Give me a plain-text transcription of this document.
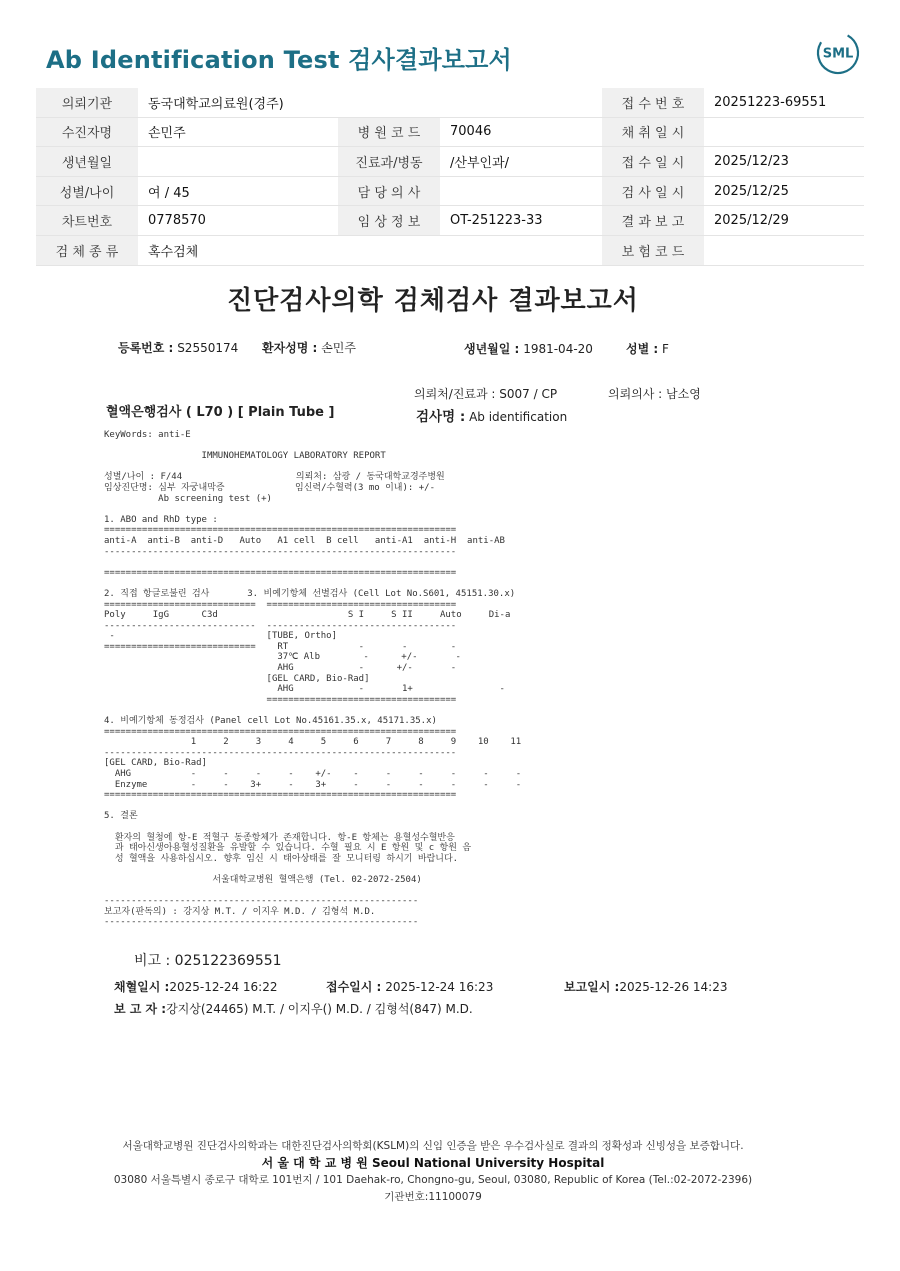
Ab Identification Test 검사결과보고서	SML
의뢰기관	동국대학교의료원(경주)			접 수 번 호	20251223-69551
수진자명	손민주	병 원 코 드	70046	채 취 일 시	
생년월일		진료과/병동	/산부인과/	접 수 일 시	2025/12/23
성별/나이	여 / 45	담 당 의 사		검 사 일 시	2025/12/25
차트번호	0778570	임 상 정 보	OT-251223-33	결 과 보 고	2025/12/29
검 체 종 류	혹수검체			보 험 코 드	
진단검사의학 검체검사 결과보고서
등록번호 : S2550174 환자성명 : 손민주	생년월일 : 1981-04-20	성별 : F
의뢰처/진료과 : S007 / CP	의뢰의사 : 남소영
혈액은행검사 ( L70 ) [ Plain Tube ]	검사명 : Ab identification
KeyWords: anti-E

IMMUNOHEMATOLOGY LABORATORY REPORT

성별/나이 : F/44                     의뢰처: 삼광 / 동국대학교경주병원
임상진단명: 심부 자궁내막증             임신력/수혈력(3 mo 이내): +/-
Ab screening test (+)

1. ABO and RhD type :
=================================================================
anti-A  anti-B  anti-D   Auto   A1 cell  B cell   anti-A1  anti-H  anti-AB
-----------------------------------------------------------------

=================================================================

2. 직접 항글로불린 검사       3. 비예기항체 선별검사 (Cell Lot No.S601, 45151.30.x)
============================  ===================================
Poly     IgG      C3d                        S I     S II     Auto     Di-a
----------------------------  -----------------------------------
-                            [TUBE, Ortho]
============================    RT             -       -        -
37℃ Alb        -      +/-       -
AHG            -      +/-       -
[GEL CARD, Bio-Rad]
AHG            -       1+                -
===================================

4. 비예기항체 동정검사 (Panel cell Lot No.45161.35.x, 45171.35.x)
=================================================================
1     2     3     4     5     6     7     8     9    10    11
-----------------------------------------------------------------
[GEL CARD, Bio-Rad]
AHG           -     -     -     -    +/-    -     -     -     -     -     -
Enzyme        -     -    3+     -    3+     -     -     -     -     -     -
=================================================================

5. 결론

환자의 혈청에 항-E 적혈구 동종항체가 존재합니다. 항-E 항체는 용혈성수혈반응
과 태아신생아용혈성질환을 유발할 수 있습니다. 수혈 필요 시 E 항원 및 c 항원 음
성 혈액을 사용하십시오. 향후 임신 시 태아상태를 잘 모니터링 하시기 바랍니다.

서울대학교병원 혈액은행 (Tel. 02-2072-2504)

----------------------------------------------------------
보고자(판독의) : 강지상 M.T. / 이지우 M.D. / 김형석 M.D.
----------------------------------------------------------
비고 : 025122369551
채혈일시 :2025-12-24 16:22	접수일시 : 2025-12-24 16:23	보고일시 :2025-12-26 14:23
보 고 자 :강지상(24465) M.T. / 이지우() M.D. / 김형석(847) M.D.
서울대학교병원 진단검사의학과는 대한진단검사의학회(KSLM)의 신임 인증을 받은 우수검사실로 결과의 정확성과 신빙성을 보증합니다.
서 울 대 학 교 병 원 Seoul National University Hospital
03080 서울특별시 종로구 대학로 101번지 / 101 Daehak-ro, Chongno-gu, Seoul, 03080, Republic of Korea (Tel.:02-2072-2396)
기관번호:11100079
